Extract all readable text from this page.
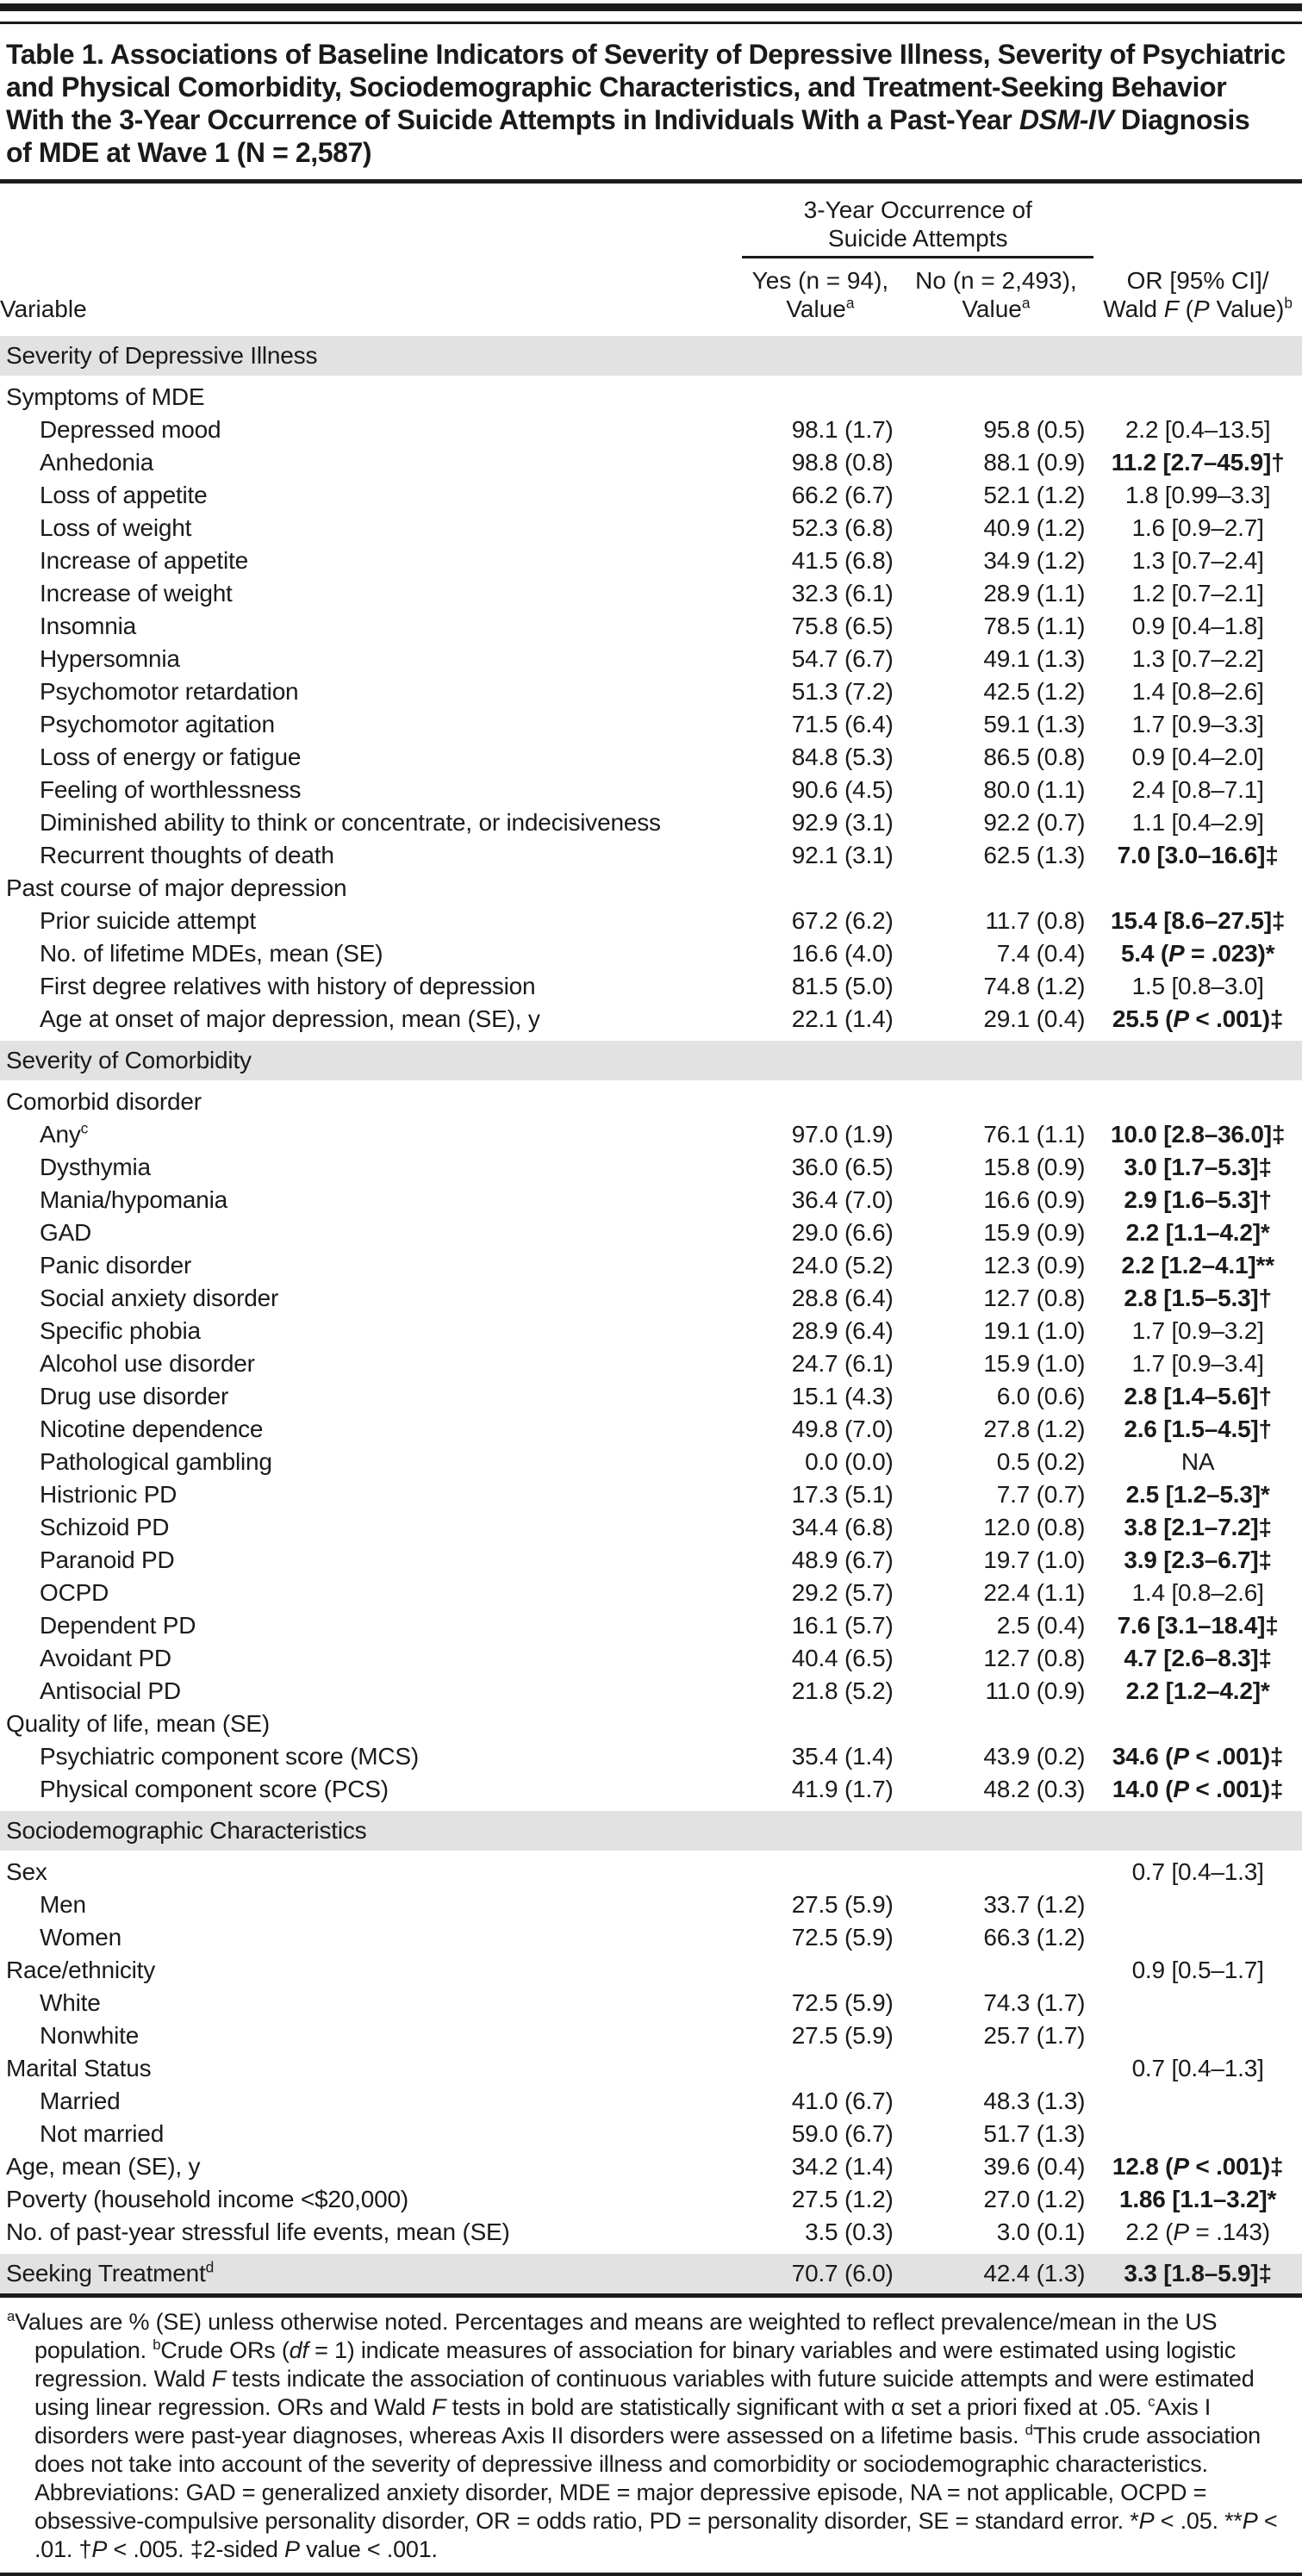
Table 1. Associations of Baseline Indicators of Severity of Depressive Illness, Severity of Psychiatric
and Physical Comorbidity, Sociodemographic Characteristics, and Treatment-Seeking Behavior
With the 3-Year Occurrence of Suicide Attempts in Individuals With a Past-Year DSM-IV Diagnosis
of MDE at Wave 1 (N = 2,587)
	3-Year Occurrence of
Suicide Attempts		
Variable	Yes (n = 94),
Value$^a$	No (n = 2,493),
Value$^a$	OR [95% CI]/
Wald F (P Value)$^b$
Severity of Depressive Illness			
Symptoms of MDE			
Depressed mood	98.1 (1.7)	95.8 (0.5)	2.2 [0.4–13.5]
Anhedonia	98.8 (0.8)	88.1 (0.9)	11.2 [2.7–45.9]†
Loss of appetite	66.2 (6.7)	52.1 (1.2)	1.8 [0.99–3.3]
Loss of weight	52.3 (6.8)	40.9 (1.2)	1.6 [0.9–2.7]
Increase of appetite	41.5 (6.8)	34.9 (1.2)	1.3 [0.7–2.4]
Increase of weight	32.3 (6.1)	28.9 (1.1)	1.2 [0.7–2.1]
Insomnia	75.8 (6.5)	78.5 (1.1)	0.9 [0.4–1.8]
Hypersomnia	54.7 (6.7)	49.1 (1.3)	1.3 [0.7–2.2]
Psychomotor retardation	51.3 (7.2)	42.5 (1.2)	1.4 [0.8–2.6]
Psychomotor agitation	71.5 (6.4)	59.1 (1.3)	1.7 [0.9–3.3]
Loss of energy or fatigue	84.8 (5.3)	86.5 (0.8)	0.9 [0.4–2.0]
Feeling of worthlessness	90.6 (4.5)	80.0 (1.1)	2.4 [0.8–7.1]
Diminished ability to think or concentrate, or indecisiveness	92.9 (3.1)	92.2 (0.7)	1.1 [0.4–2.9]
Recurrent thoughts of death	92.1 (3.1)	62.5 (1.3)	7.0 [3.0–16.6]‡
Past course of major depression			
Prior suicide attempt	67.2 (6.2)	11.7 (0.8)	15.4 [8.6–27.5]‡
No. of lifetime MDEs, mean (SE)	16.6 (4.0)	7.4 (0.4)	5.4 (P = .023)*
First degree relatives with history of depression	81.5 (5.0)	74.8 (1.2)	1.5 [0.8–3.0]
Age at onset of major depression, mean (SE), y	22.1 (1.4)	29.1 (0.4)	25.5 (P < .001)‡
Severity of Comorbidity			
Comorbid disorder			
Any$^c$	97.0 (1.9)	76.1 (1.1)	10.0 [2.8–36.0]‡
Dysthymia	36.0 (6.5)	15.8 (0.9)	3.0 [1.7–5.3]‡
Mania/hypomania	36.4 (7.0)	16.6 (0.9)	2.9 [1.6–5.3]†
GAD	29.0 (6.6)	15.9 (0.9)	2.2 [1.1–4.2]*
Panic disorder	24.0 (5.2)	12.3 (0.9)	2.2 [1.2–4.1]**
Social anxiety disorder	28.8 (6.4)	12.7 (0.8)	2.8 [1.5–5.3]†
Specific phobia	28.9 (6.4)	19.1 (1.0)	1.7 [0.9–3.2]
Alcohol use disorder	24.7 (6.1)	15.9 (1.0)	1.7 [0.9–3.4]
Drug use disorder	15.1 (4.3)	6.0 (0.6)	2.8 [1.4–5.6]†
Nicotine dependence	49.8 (7.0)	27.8 (1.2)	2.6 [1.5–4.5]†
Pathological gambling	0.0 (0.0)	0.5 (0.2)	NA
Histrionic PD	17.3 (5.1)	7.7 (0.7)	2.5 [1.2–5.3]*
Schizoid PD	34.4 (6.8)	12.0 (0.8)	3.8 [2.1–7.2]‡
Paranoid PD	48.9 (6.7)	19.7 (1.0)	3.9 [2.3–6.7]‡
OCPD	29.2 (5.7)	22.4 (1.1)	1.4 [0.8–2.6]
Dependent PD	16.1 (5.7)	2.5 (0.4)	7.6 [3.1–18.4]‡
Avoidant PD	40.4 (6.5)	12.7 (0.8)	4.7 [2.6–8.3]‡
Antisocial PD	21.8 (5.2)	11.0 (0.9)	2.2 [1.2–4.2]*
Quality of life, mean (SE)			
Psychiatric component score (MCS)	35.4 (1.4)	43.9 (0.2)	34.6 (P < .001)‡
Physical component score (PCS)	41.9 (1.7)	48.2 (0.3)	14.0 (P < .001)‡
Sociodemographic Characteristics			
Sex			0.7 [0.4–1.3]
Men	27.5 (5.9)	33.7 (1.2)	
Women	72.5 (5.9)	66.3 (1.2)	
Race/ethnicity			0.9 [0.5–1.7]
White	72.5 (5.9)	74.3 (1.7)	
Nonwhite	27.5 (5.9)	25.7 (1.7)	
Marital Status			0.7 [0.4–1.3]
Married	41.0 (6.7)	48.3 (1.3)	
Not married	59.0 (6.7)	51.7 (1.3)	
Age, mean (SE), y	34.2 (1.4)	39.6 (0.4)	12.8 (P < .001)‡
Poverty (household income <$20,000)	27.5 (1.2)	27.0 (1.2)	1.86 [1.1–3.2]*
No. of past-year stressful life events, mean (SE)	3.5 (0.3)	3.0 (0.1)	2.2 (P = .143)
Seeking Treatment$^d$	70.7 (6.0)	42.4 (1.3)	3.3 [1.8–5.9]‡

$^a$Values are % (SE) unless otherwise noted. Percentages and means are weighted to reflect prevalence/mean in the US population. $^b$Crude ORs (df = 1) indicate measures of association for binary variables and were estimated using logistic regression. Wald F tests indicate the association of continuous variables with future suicide attempts and were estimated using linear regression. ORs and Wald F tests in bold are statistically significant with α set a priori fixed at .05. $^c$Axis I disorders were past-year diagnoses, whereas Axis II disorders were assessed on a lifetime basis. $^d$This crude association does not take into account of the severity of depressive illness and comorbidity or sociodemographic characteristics. Abbreviations: GAD = generalized anxiety disorder, MDE = major depressive episode, NA = not applicable, OCPD = obsessive-compulsive personality disorder, OR = odds ratio, PD = personality disorder, SE = standard error. *P < .05. **P < .01. †P < .005. ‡2-sided P value < .001.
